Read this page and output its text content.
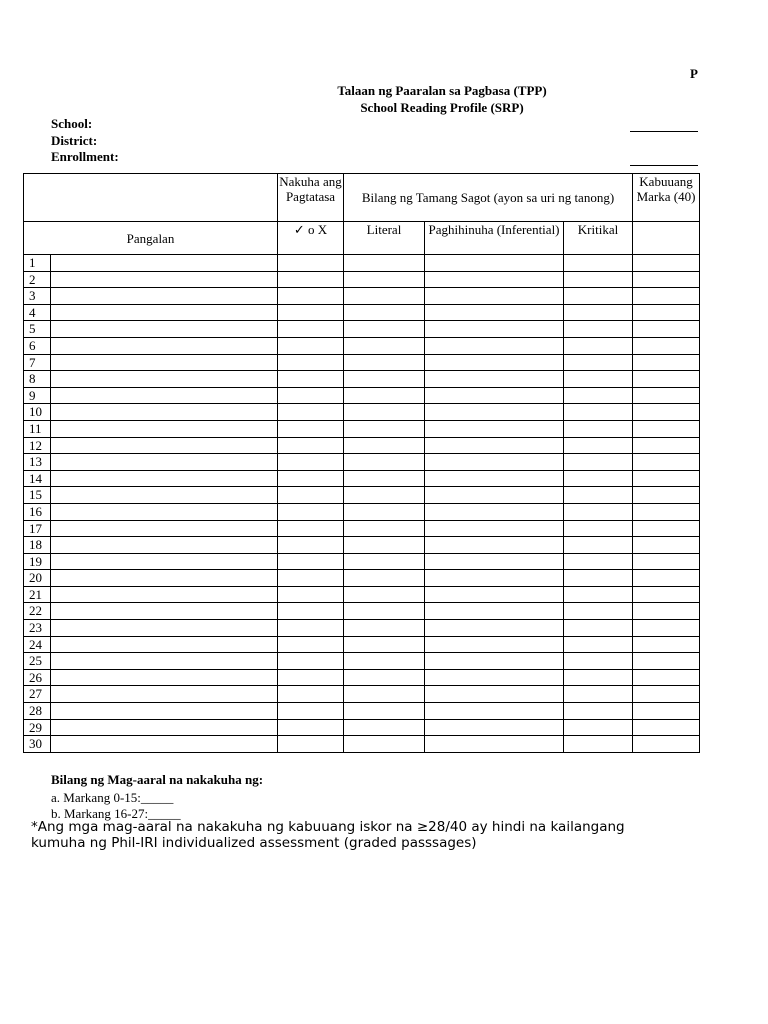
P
Talaan ng Paaralan sa Pagbasa (TPP)
School Reading Profile (SRP)
School:
District:
Enrollment:
		Nakuha ang Pagtatasa	Bilang ng Tamang Sagot (ayon sa uri ng tanong)			Kabuuang Marka (40)
Pangalan		✓ o X	Literal	Paghihinuha (Inferential)	Kritikal	
1						
2						
3						
4						
5						
6						
7						
8						
9						
10						
11						
12						
13						
14						
15						
16						
17						
18						
19						
20						
21						
22						
23						
24						
25						
26						
27						
28						
29						
30						
Bilang ng Mag-aaral na nakakuha ng:
a. Markang 0-15:_____
b. Markang 16-27:_____
*Ang mga mag-aaral na nakakuha ng kabuuang iskor na ≥28/40 ay hindi na kailangang kumuha ng Phil-IRI individualized assessment (graded passsages)
